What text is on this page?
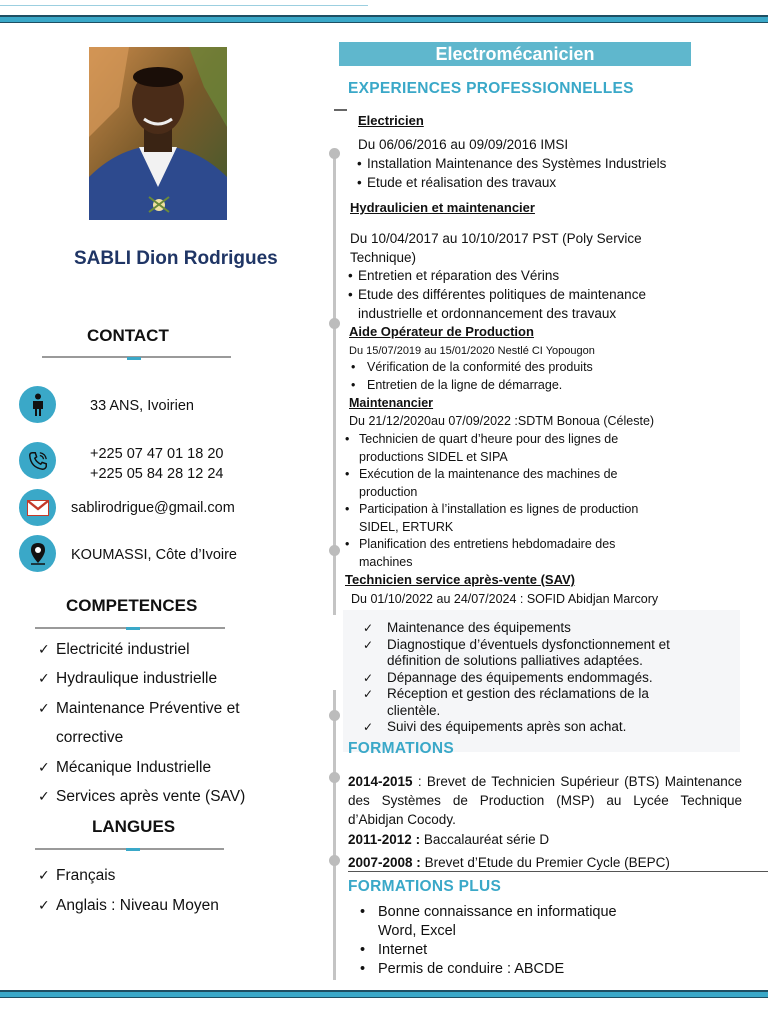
SABLI Dion Rodrigues
CONTACT
33 ANS, Ivoirien
+225 07 47 01 18 20
+225 05 84 28 12 24
sablirodrigue@gmail.com
KOUMASSI, Côte d’Ivoire
COMPETENCES
✓ Electricité industriel
✓ Hydraulique industrielle
✓ Maintenance Préventive et
corrective
✓ Mécanique Industrielle
✓ Services après vente (SAV)
LANGUES
✓ Français
✓ Anglais : Niveau Moyen
Electromécanicien
EXPERIENCES PROFESSIONNELLES
Electricien
Du 06/06/2016 au 09/09/2016 IMSI
• Installation Maintenance des Systèmes Industriels
• Etude et réalisation des travaux
Hydraulicien et maintenancier
Du 10/04/2017 au 10/10/2017 PST (Poly Service
Technique)
• Entretien et réparation des Vérins
• Etude des différentes politiques de maintenance
industrielle et ordonnancement des travaux
Aide Opérateur de Production
Du 15/07/2019 au 15/01/2020 Nestlé CI Yopougon
• Vérification de la conformité des produits
• Entretien de la ligne de démarrage.
Maintenancier
Du 21/12/2020au 07/09/2022 :SDTM Bonoua (Céleste)
• Technicien de quart d’heure pour des lignes de
productions SIDEL et SIPA
• Exécution de la maintenance des machines de
production
• Participation à l’installation es lignes de production
SIDEL, ERTURK
• Planification des entretiens hebdomadaire des
machines
Technicien service après-vente (SAV)
Du 01/10/2022 au 24/07/2024 : SOFID Abidjan Marcory
✓ Maintenance des équipements
✓ Diagnostique d’éventuels dysfonctionnement et
définition de solutions palliatives adaptées.
✓ Dépannage des équipements endommagés.
✓ Réception et gestion des réclamations de la
clientèle.
✓ Suivi des équipements après son achat.
FORMATIONS
2014-2015 : Brevet de Technicien Supérieur (BTS) Maintenance des Systèmes de Production (MSP) au Lycée Technique d’Abidjan Cocody.
2011-2012 : Baccalauréat série D
2007-2008 : Brevet d’Etude du Premier Cycle (BEPC)
FORMATIONS PLUS
• Bonne connaissance en informatique
Word, Excel
• Internet
• Permis de conduire : ABCDE
